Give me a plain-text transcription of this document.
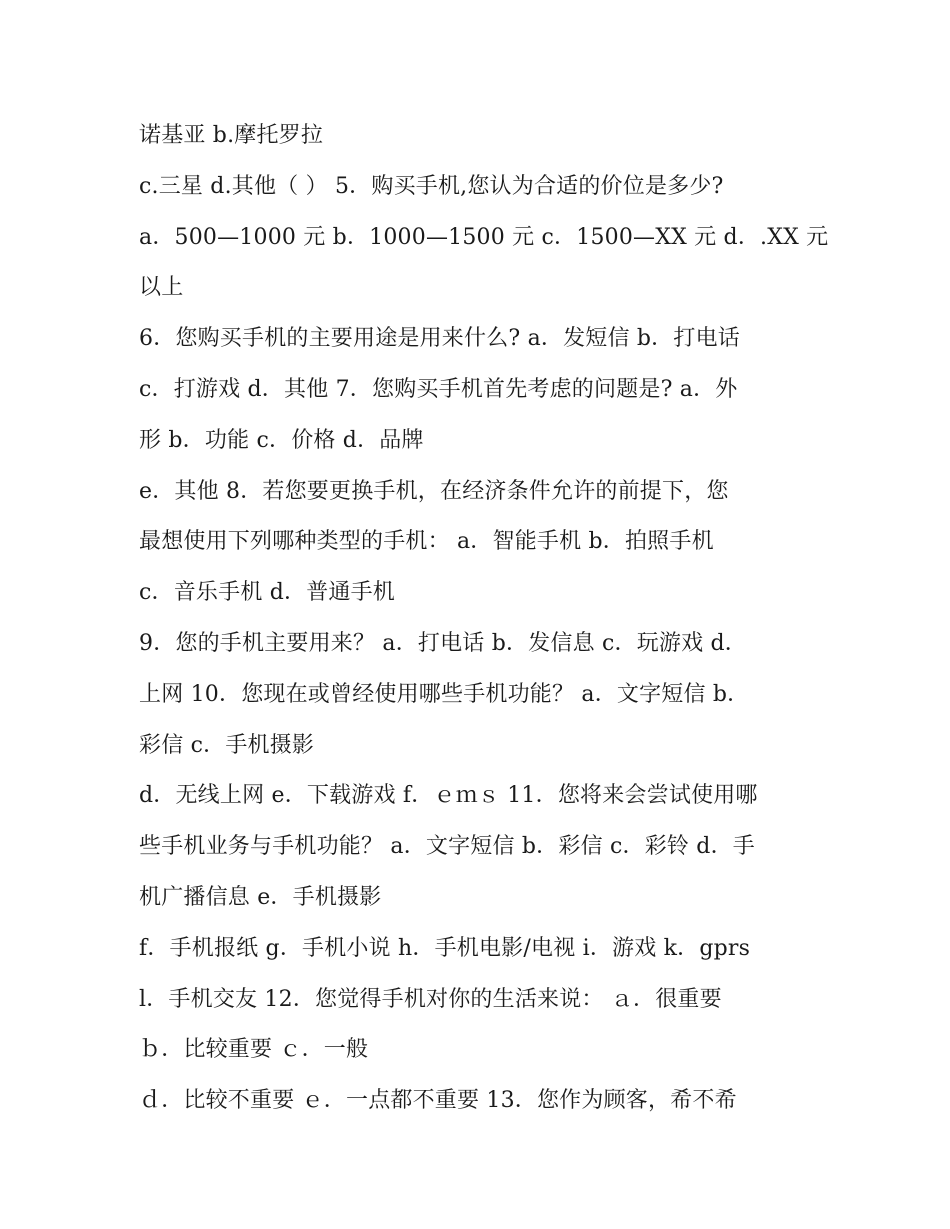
诺基亚 b.摩托罗拉
c.三星 d.其他（ ） 5．购买手机,您认为合适的价位是多少?
a．500—1000 元 b．1000—1500 元 c．1500—XX 元 d．.XX 元
以上
6．您购买手机的主要用途是用来什么? a．发短信 b．打电话
c．打游戏 d．其他 7．您购买手机首先考虑的问题是? a．外
形 b．功能 c．价格 d．品牌
e．其他 8．若您要更换手机，在经济条件允许的前提下，您
最想使用下列哪种类型的手机： a．智能手机 b．拍照手机
c．音乐手机 d．普通手机
9．您的手机主要用来？ a．打电话 b．发信息 c．玩游戏 d．
上网 10．您现在或曾经使用哪些手机功能？ a．文字短信 b．
彩信 c．手机摄影
d．无线上网 e．下载游戏 f．ｅｍｓ 11．您将来会尝试使用哪
些手机业务与手机功能？ a．文字短信 b．彩信 c．彩铃 d．手
机广播信息 e．手机摄影
f．手机报纸 g．手机小说 h．手机电影/电视 i．游戏 k．gprs
l．手机交友 12．您觉得手机对你的生活来说： ａ．很重要
ｂ．比较重要 ｃ．一般
ｄ．比较不重要 ｅ．一点都不重要 13．您作为顾客，希不希
